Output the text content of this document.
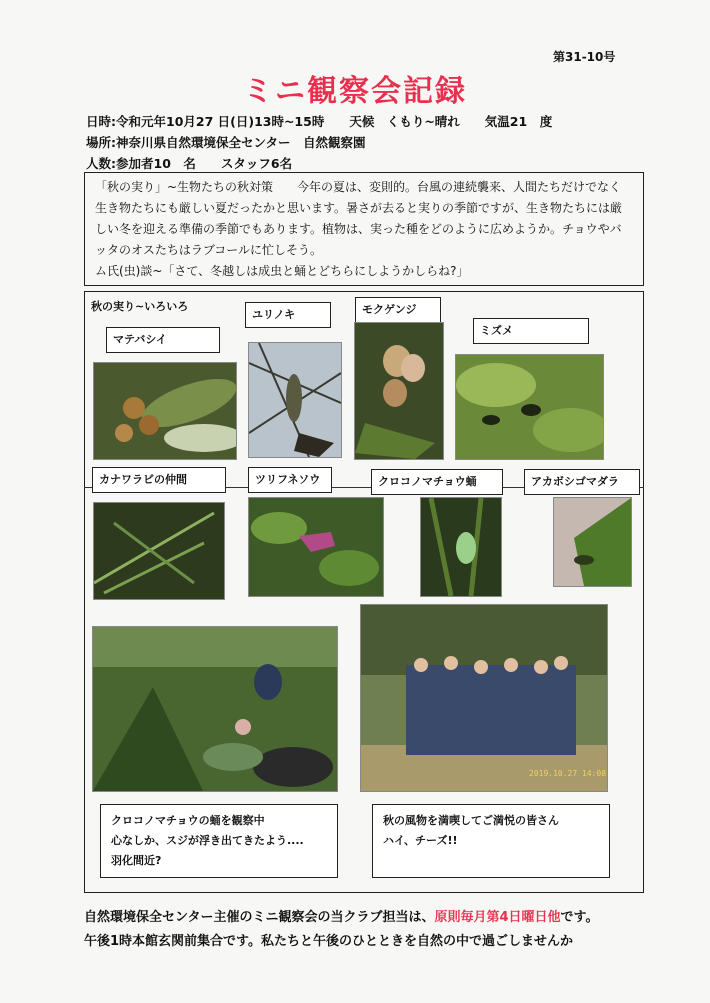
第31-10号
ミニ観察会記録
日時:令和元年10月27 日(日)13時~15時　　天候　くもり~晴れ　　気温21　度
場所:神奈川県自然環境保全センター　自然観察園
人数:参加者10　名　　スタッフ6名
「秋の実り」~生物たちの秋対策　　今年の夏は、変則的。台風の連続襲来、人間たちだけでなく
生き物たちにも厳しい夏だったかと思います。暑さが去ると実りの季節ですが、生き物たちには厳
しい冬を迎える準備の季節でもあります。植物は、実った種をどのように広めようか。チョウやバ
ッタのオスたちはラブコールに忙しそう。
ム氏(虫)談~「さて、冬越しは成虫と蛹とどちらにしようかしらね?」
秋の実り~いろいろ
マテバシイ
ユリノキ	モクゲンジ
ミズメ
カナワラビの仲間	ツリフネソウ	クロコノマチョウ蛹	アカボシゴマダラ
2019.10.27 14:08
クロコノマチョウの蛹を観察中
心なしか、スジが浮き出てきたよう....
羽化間近?
秋の風物を満喫してご満悦の皆さん
ハイ、チーズ!!
自然環境保全センター主催のミニ観察会の当クラブ担当は、原則毎月第4日曜日他です。
午後1時本館玄関前集合です。私たちと午後のひとときを自然の中で過ごしませんか
